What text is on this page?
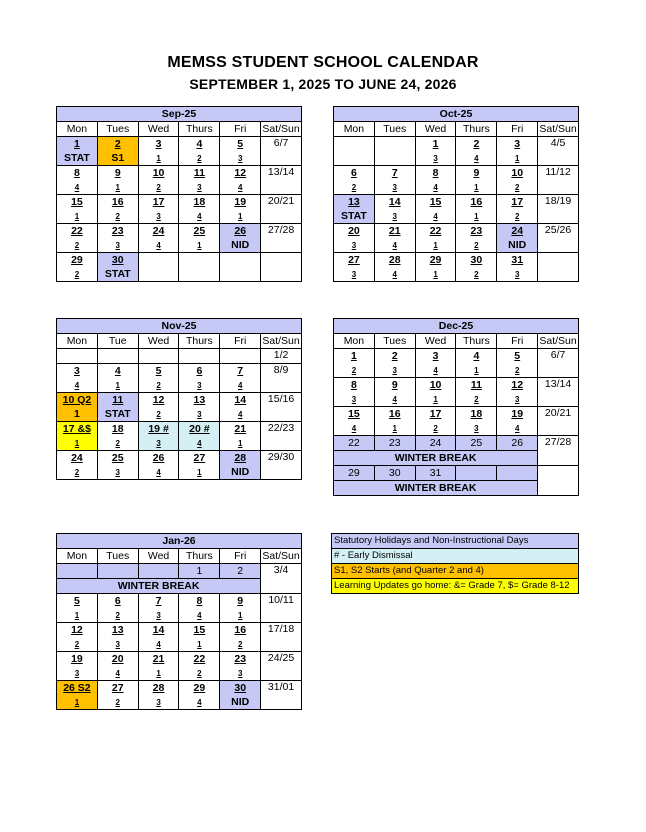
MEMSS STUDENT SCHOOL CALENDAR
SEPTEMBER 1, 2025 TO JUNE 24, 2026
Sep-25					
Mon	Tues	Wed	Thurs	Fri	Sat/Sun
1	2	3	4	5	6/7
STAT	S1	1	2	3	
8	9	10	11	12	13/14
4	1	2	3	4	
15	16	17	18	19	20/21
1	2	3	4	1	
22	23	24	25	26	27/28
2	3	4	1	NID	
29	30				
2	STAT				
Oct-25					
Mon	Tues	Wed	Thurs	Fri	Sat/Sun
		1	2	3	4/5
		3	4	1	
6	7	8	9	10	11/12
2	3	4	1	2	
13	14	15	16	17	18/19
STAT	3	4	1	2	
20	21	22	23	24	25/26
3	4	1	2	NID	
27	28	29	30	31	
3	4	1	2	3	
Nov-25					
Mon	Tue	Wed	Thurs	Fri	Sat/Sun
					1/2

3	4	5	6	7	8/9
4	1	2	3	4	
10 Q2	11	12	13	14	15/16
1	STAT	2	3	4	
17 &$	18	19 #	20 #	21	22/23
1	2	3	4	1	
24	25	26	27	28	29/30
2	3	4	1	NID	
Dec-25					
Mon	Tues	Wed	Thurs	Fri	Sat/Sun
1	2	3	4	5	6/7
2	3	4	1	2	
8	9	10	11	12	13/14
3	4	1	2	3	
15	16	17	18	19	20/21
4	1	2	3	4	
22	23	24	25	26	27/28
WINTER BREAK					
29	30	31			
WINTER BREAK					
Jan-26					
Mon	Tues	Wed	Thurs	Fri	Sat/Sun
			1	2	3/4
WINTER BREAK					
5	6	7	8	9	10/11
1	2	3	4	1	
12	13	14	15	16	17/18
2	3	4	1	2	
19	20	21	22	23	24/25
3	4	1	2	3	
26 S2	27	28	29	30	31/01
1	2	3	4	NID	
Statutory Holidays and Non-Instructional Days
# - Early Dismissal
S1, S2 Starts (and Quarter 2 and 4)
Learning Updates go home: &= Grade 7, $= Grade 8-12
